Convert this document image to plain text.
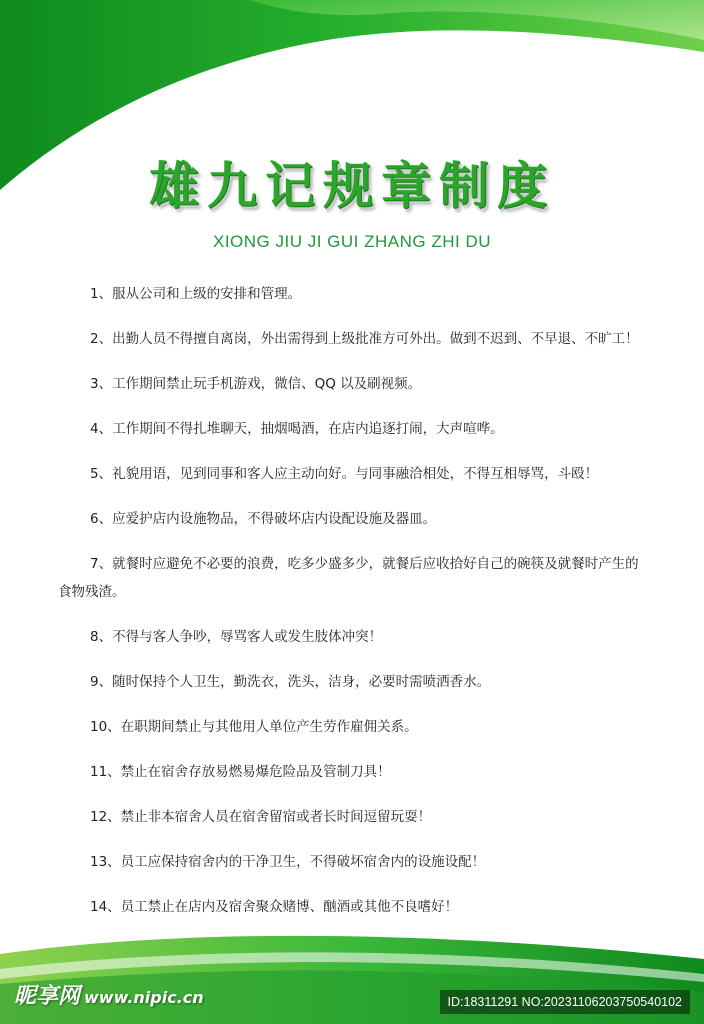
雄九记规章制度

XIONG JIU JI GUI ZHANG ZHI DU

1、服从公司和上级的安排和管理。
2、出勤人员不得擅自离岗，外出需得到上级批准方可外出。做到不迟到、不早退、不旷工！
3、工作期间禁止玩手机游戏，微信、QQ 以及刷视频。
4、工作期间不得扎堆聊天，抽烟喝酒，在店内追逐打闹，大声喧哗。
5、礼貌用语，见到同事和客人应主动向好。与同事融洽相处，不得互相辱骂，斗殴！
6、应爱护店内设施物品，不得破坏店内设配设施及器皿。
7、就餐时应避免不必要的浪费，吃多少盛多少，就餐后应收拾好自己的碗筷及就餐时产生的食物残渣。
8、不得与客人争吵，辱骂客人或发生肢体冲突！
9、随时保持个人卫生，勤洗衣，洗头，洁身，必要时需喷洒香水。
10、在职期间禁止与其他用人单位产生劳作雇佣关系。
11、禁止在宿舍存放易燃易爆危险品及管制刀具！
12、禁止非本宿舍人员在宿舍留宿或者长时间逗留玩耍！
13、员工应保持宿舍内的干净卫生，不得破坏宿舍内的设施设配！
14、员工禁止在店内及宿舍聚众赌博、酗酒或其他不良嗜好！
昵享网 www.nipic.cn	ID:18311291 NO:20231106203750540102
